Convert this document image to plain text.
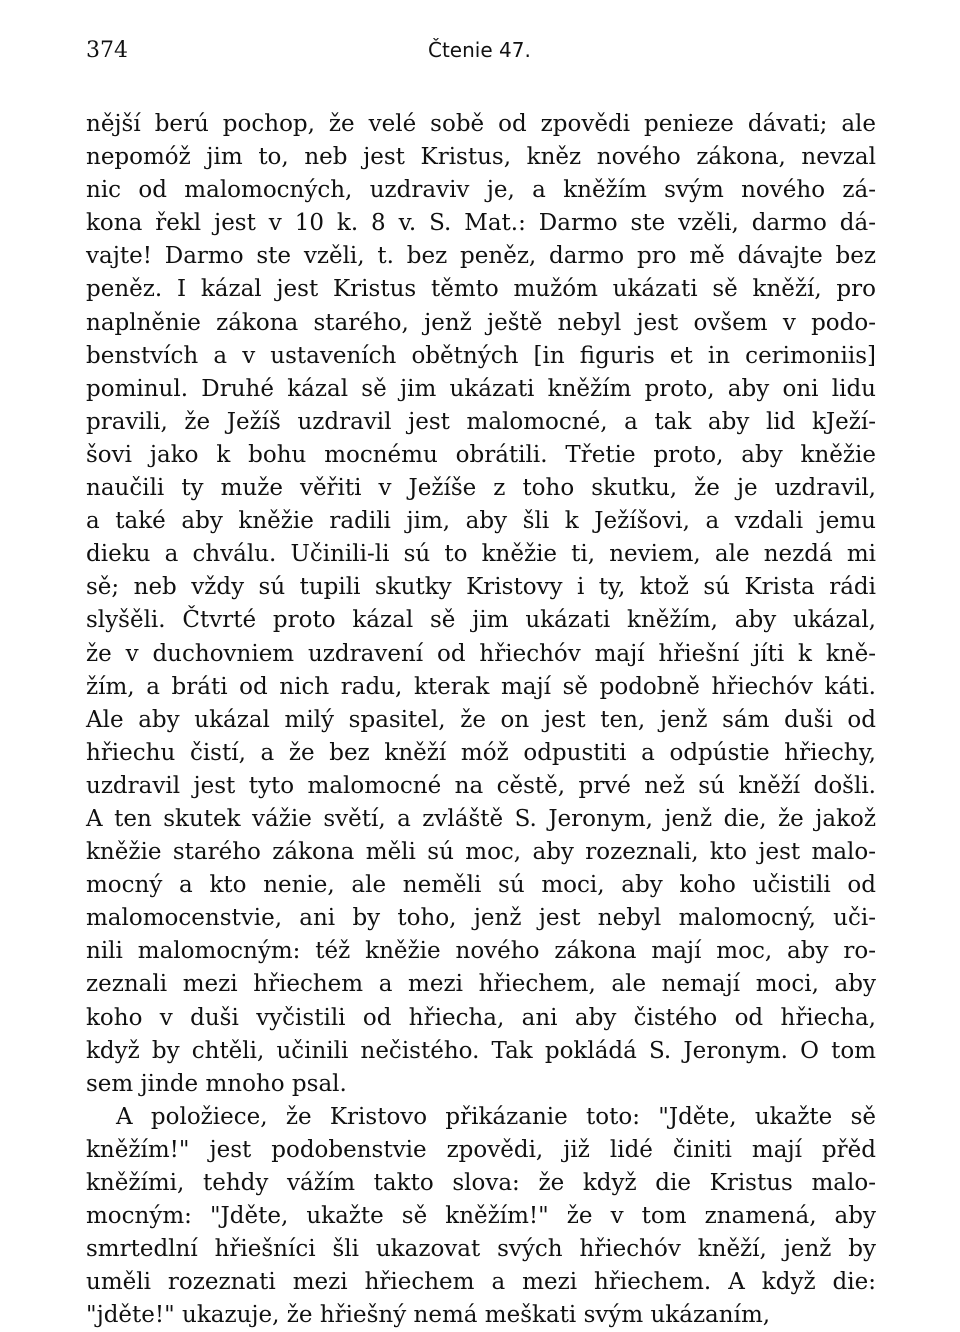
374	Čtenie 47.
nější berú pochop, že velé sobě od zpovědi penieze dávati; ale
nepomóž jim to, neb jest Kristus, kněz nového zákona, nevzal
nic od malomocných, uzdraviv je, a kněžím svým nového zá-
kona řekl jest v 10 k. 8 v. S. Mat.: Darmo ste vzěli, darmo dá-
vajte! Darmo ste vzěli, t. bez peněz, darmo pro mě dávajte bez
peněz. I kázal jest Kristus těmto mužóm ukázati sě kněží, pro
naplněnie zákona starého, jenž ještě nebyl jest ovšem v podo-
benstvích a v ustaveních obětných [in figuris et in cerimoniis]
pominul. Druhé kázal sě jim ukázati kněžím proto, aby oni lidu
pravili, že Ježíš uzdravil jest malomocné, a tak aby lid kJeží-
šovi jako k bohu mocnému obrátili. Třetie proto, aby kněžie
naučili ty muže věřiti v Ježíše z toho skutku, že je uzdravil,
a také aby kněžie radili jim, aby šli k Ježíšovi, a vzdali jemu
dieku a chválu. Učinili-li sú to kněžie ti, neviem, ale nezdá mi
sě; neb vždy sú tupili skutky Kristovy i ty, ktož sú Krista rádi
slyšěli. Čtvrté proto kázal sě jim ukázati kněžím, aby ukázal,
že v duchovniem uzdravení od hřiechóv mají hřiešní jíti k kně-
žím, a bráti od nich radu, kterak mají sě podobně hřiechóv káti.
Ale aby ukázal milý spasitel, že on jest ten, jenž sám duši od
hřiechu čistí, a že bez kněží móž odpustiti a odpústie hřiechy,
uzdravil jest tyto malomocné na cěstě, prvé než sú kněží došli.
A ten skutek vážie světí, a zvláště S. Jeronym, jenž die, že jakož
kněžie starého zákona měli sú moc, aby rozeznali, kto jest malo-
mocný a kto nenie, ale neměli sú moci, aby koho učistili od
malomocenstvie, ani by toho, jenž jest nebyl malomocný, uči-
nili malomocným: též kněžie nového zákona mají moc, aby ro-
zeznali mezi hřiechem a mezi hřiechem, ale nemají moci, aby
koho v duši vyčistili od hřiecha, ani aby čistého od hřiecha,
když by chtěli, učinili nečistého. Tak pokládá S. Jeronym. O tom
sem jinde mnoho psal.
A položiece, že Kristovo přikázanie toto: "Jděte, ukažte sě
kněžím!" jest podobenstvie zpovědi, již lidé činiti mají přěd
kněžími, tehdy vážím takto slova: že když die Kristus malo-
mocným: "Jděte, ukažte sě kněžím!" že v tom znamená, aby
smrtedlní hřiešníci šli ukazovat svých hřiechóv kněží, jenž by
uměli rozeznati mezi hřiechem a mezi hřiechem. A když die:
"jděte!" ukazuje, že hřiešný nemá meškati svým ukázaním,
